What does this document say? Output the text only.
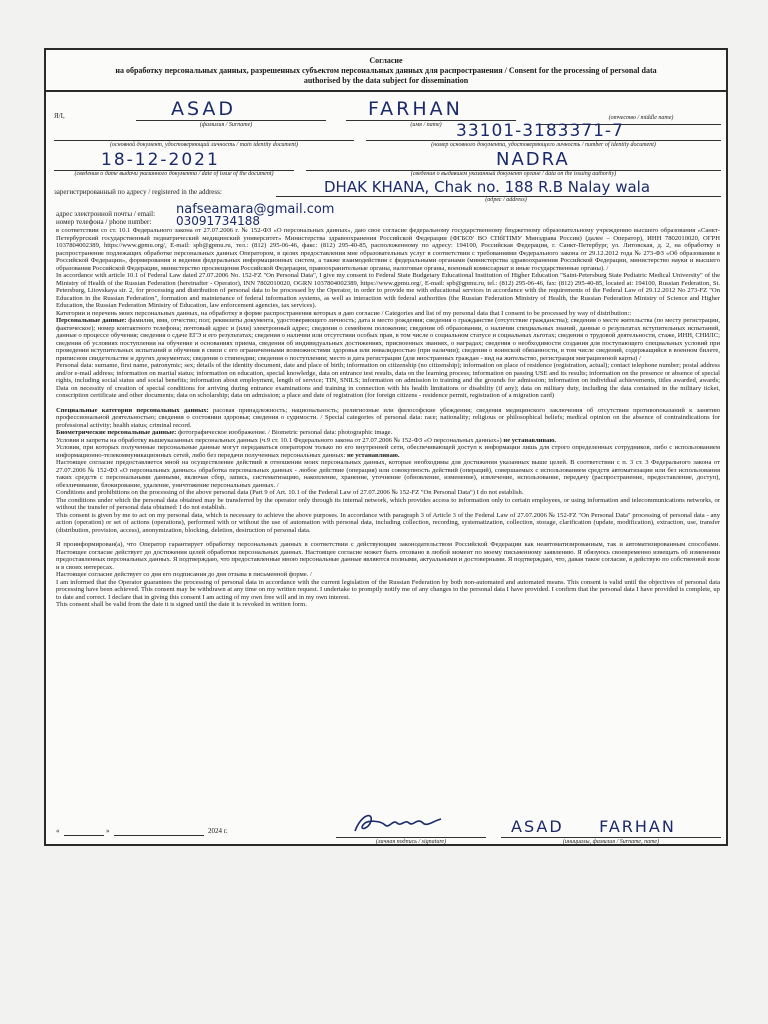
Согласие
на обработку персональных данных, разрешенных субъектом персональных данных для распространения / Consent for the processing of personal data
authorised by the data subject for dissemination
Я/I,	ASAD	FARHAN
(фамилия / Surname)	(имя / name)
(отчество / middle name)
33101-3183371-7
(основной документ, удостоверяющий личность / main identity document)	(номер основного документа, удостоверяющего личность / number of identity document)
18-12-2021	NADRA
(сведения о дате выдачи указанного документа / date of issue of the document)	(сведения о выдавшем указанный документ органе / data on the issuing authority)
зарегистрированный по адресу / registered in the address:	DHAK KHANA, Chak no. 188 R.B Nalay wala
(адрес / address)
адрес электронной почты / email: nafseamara@gmail.com
номер телефона / phone number: 03091734188

в соответствии со ст. 10.1 Федерального закона от 27.07.2006 г. № 152-ФЗ «О персональных данных», даю свое согласие федеральному государственному бюджетному образовательному учреждению высшего образования «Санкт-Петербургский государственный педиатрический медицинский университет» Министерства здравоохранения Российской Федерации (ФГБОУ ВО СПбГПМУ Минздрава России) (далее – Оператор), ИНН 7802010020, ОГРН 1037804002389, https://www.gpmu.org/, E-mail: spb@gpmu.ru, тел.: (812) 295-06-46, факс: (812) 295-40-85, расположенному по адресу: 194100, Российская Федерация, г. Санкт-Петербург, ул. Литовская, д. 2, на обработку и распространение подлежащих обработке персональных данных Оператором, в целях предоставления мне образовательных услуг в соответствии с требованиями Федерального закона от 29.12.2012 года № 273-ФЗ «Об образовании в Российской Федерации», формирования и ведения федеральных информационных систем, а также взаимодействия с федеральными органами (министерства здравоохранения Российской Федерации, министерство науки и высшего образования Российской Федерации, министерство просвещения Российской Федерации, правоохранительные органы, налоговые органы, военный комиссариат и иные государственные органы). /

In accordance with article 10.1 of Federal Law dated 27.07.2006 No. 152-FZ "On Personal Data", I give my consent to Federal State Budgetary Educational Institution of Higher Education "Saint-Petersburg State Pediatric Medical University" of the Ministry of Health of the Russian Federation (hereinafter - Operator), INN 7802010020, OGRN 1037804002389, https://www.gpmu.org/, E-mail: spb@gpmu.ru, tel.: (812) 295-06-46, fax: (812) 295-40-85, located at: 194100, Russian Federation, St. Petersburg, Litovskaya str. 2, for processing and distribution of personal data to be processed by the Operator, in order to provide me with educational services in accordance with the requirements of the Federal Law of 29.12.2012 No 273-FZ "On Education in the Russian Federation", formation and maintenance of federal information systems, as well as interaction with federal authorities (the Russian Federation Ministry of Health, the Russian Federation Ministry of Science and Higher Education, the Russian Federation Ministry of Education, law enforcement agencies, tax services).

Категории и перечень моих персональных данных, на обработку в форме распространения которых я даю согласие / Categories and list of my personal data that I consent to be processed by way of distribution::

Персональные данные: фамилия, имя, отчество; пол; реквизиты документа, удостоверяющего личность; дата и место рождения; сведения о гражданстве (отсутствие гражданства); сведения о месте жительства (по месту регистрации, фактическое); номер контактного телефона; почтовый адрес и (или) электронный адрес; сведения о семейном положении; сведения об образовании, о наличии специальных знаний, данные о результатах вступительных испытаний, данные о процессе обучения; сведения о сдаче ЕГЭ и его результатах; сведения о наличии или отсутствии особых прав, в том числе о социальном статусе и социальных льготах; сведения о трудовой деятельности, стаже, ИНН, СНИЛС; сведения об условиях поступления на обучение и основаниях приема, сведения об индивидуальных достижениях, присвоенных званиях, о наградах; сведения о необходимости создания для поступающего специальных условий при проведении вступительных испытаний и обучения в связи с его ограниченными возможностями здоровья или инвалидностью (при наличии); сведения о воинской обязанности, в том числе сведений, содержащийся в военном билете, приписном свидетельстве и других документах; сведения о стипендии; сведения о поступлении; место и дата регистрации (для иностранных граждан - вид на жительство, регистрация миграционной карты) /

Personal data: surname, first name, patronymic; sex; details of the identity document, date and place of birth; information on citizenship (no citizenship); information on place of residence (registration, actual); contact telephone number; postal address and/or e-mail address; information on marital status; information on education, special knowledge, data on entrance test results, data on the learning process; information on passing USE and its results; information on the presence or absence of special rights, including social status and social benefits; information about employment, length of service; TIN, SNILS; information on admission to training and the grounds for admission; information on individual achievements, titles awarded, awards; Data on necessity of creation of special conditions for arriving during entrance examinations and training in connection with his health limitations or disability (if any); data on military duty, including the data contained in the military ticket, conscription certificate and other documents; data on scholarship; data on admission; a place and date of registration (for foreign citizens - residence permit, registration of a migration card)

Специальные категории персональных данных: расовая принадлежность; национальность; религиозные или философские убеждения; сведения медицинского заключения об отсутствии противопоказаний к занятию профессиональной деятельностью; сведения о состоянии здоровья; сведения о судимости. / Special categories of personal data: race; nationality; religious or philosophical beliefs; medical opinion on the absence of contraindications for professional activity; health status; criminal record.

Биометрические персональные данные: фотографическое изображение. / Biometric personal data: photographic image.

Условия и запреты на обработку вышеуказанных персональных данных (ч.9 ст. 10.1 Федерального закона от 27.07.2006 № 152-ФЗ «О персональных данных») не устанавливаю.

Условия, при которых полученные персональные данные могут передаваться оператором только по его внутренней сети, обеспечивающей доступ к информации лишь для строго определенных сотрудников, либо с использованием информационно-телекоммуникационных сетей, либо без передачи полученных персональных данных: не устанавливаю.

Настоящее согласие предоставляется мной на осуществление действий в отношении моих персональных данных, которые необходимы для достижения указанных выше целей. В соответствии с п. 3 ст. 3 Федерального закона от 27.07.2006 № 152-ФЗ «О персональных данных» обработка персональных данных - любое действие (операция) или совокупность действий (операций), совершаемых с использованием средств автоматизации или без использования таких средств с персональными данными, включая сбор, запись, систематизацию, накопление, хранение, уточнение (обновление, изменение), извлечение, использование, передачу (распространение, предоставление, доступ), обезличивание, блокирование, удаление, уничтожение персональных данных. /

Conditions and prohibitions on the processing of the above personal data (Part 9 of Art. 10.1 of the Federal Law of 27.07.2006 № 152-FZ "On Personal Data") I do not establish.

The conditions under which the personal data obtained may be transferred by the operator only through its internal network, which provides access to information only to certain employees, or using information and telecommunications networks, or without the transfer of personal data obtained: I do not establish.

This consent is given by me to act on my personal data, which is necessary to achieve the above purposes. In accordance with paragraph 3 of Article 3 of the Federal Law of 27.07.2006 № 152-FZ "On Personal Data" processing of personal data - any action (operation) or set of actions (operations), performed with or without the use of automation with personal data, including collection, recording, systematization, collection, storage, clarification (update, modification), extraction, use, transfer (distribution, provision, access), anonymization, blocking, deletion, destruction of personal data.

Я проинформирован(а), что Оператор гарантирует обработку персональных данных в соответствии с действующим законодательством Российской Федерации как неавтоматизированным, так и автоматизированным способами. Настоящее согласие действует до достижения целей обработки персональных данных. Настоящее согласие может быть отозвано в любой момент по моему письменному заявлению. Я обязуюсь своевременно извещать об изменении предоставленных персональных данных. Я подтверждаю, что предоставленные мною персональные данные являются полными, актуальными и достоверными. Я подтверждаю, что, давая такое согласие, я действую по собственной воле и в своих интересах.

Настоящее согласие действует со дня его подписания до дня отзыва в письменной форме. /

I am informed that the Operator guarantees the processing of personal data in accordance with the current legislation of the Russian Federation by both non-automated and automated means. This consent is valid until the objectives of personal data processing have been achieved. This consent may be withdrawn at any time on my written request. I undertake to promptly notify me of any changes to the personal data I have provided. I confirm that the personal data I have provided is complete, up to date and correct. I declare that in giving this consent I am acting of my own free will and in my own interest.

This consent shall be valid from the date it is signed until the date it is revoked in written form.

«	»	2024 г.
(личная подпись / signature)
ASAD     FARHAN
(инициалы, фамилия / Surname, name)
